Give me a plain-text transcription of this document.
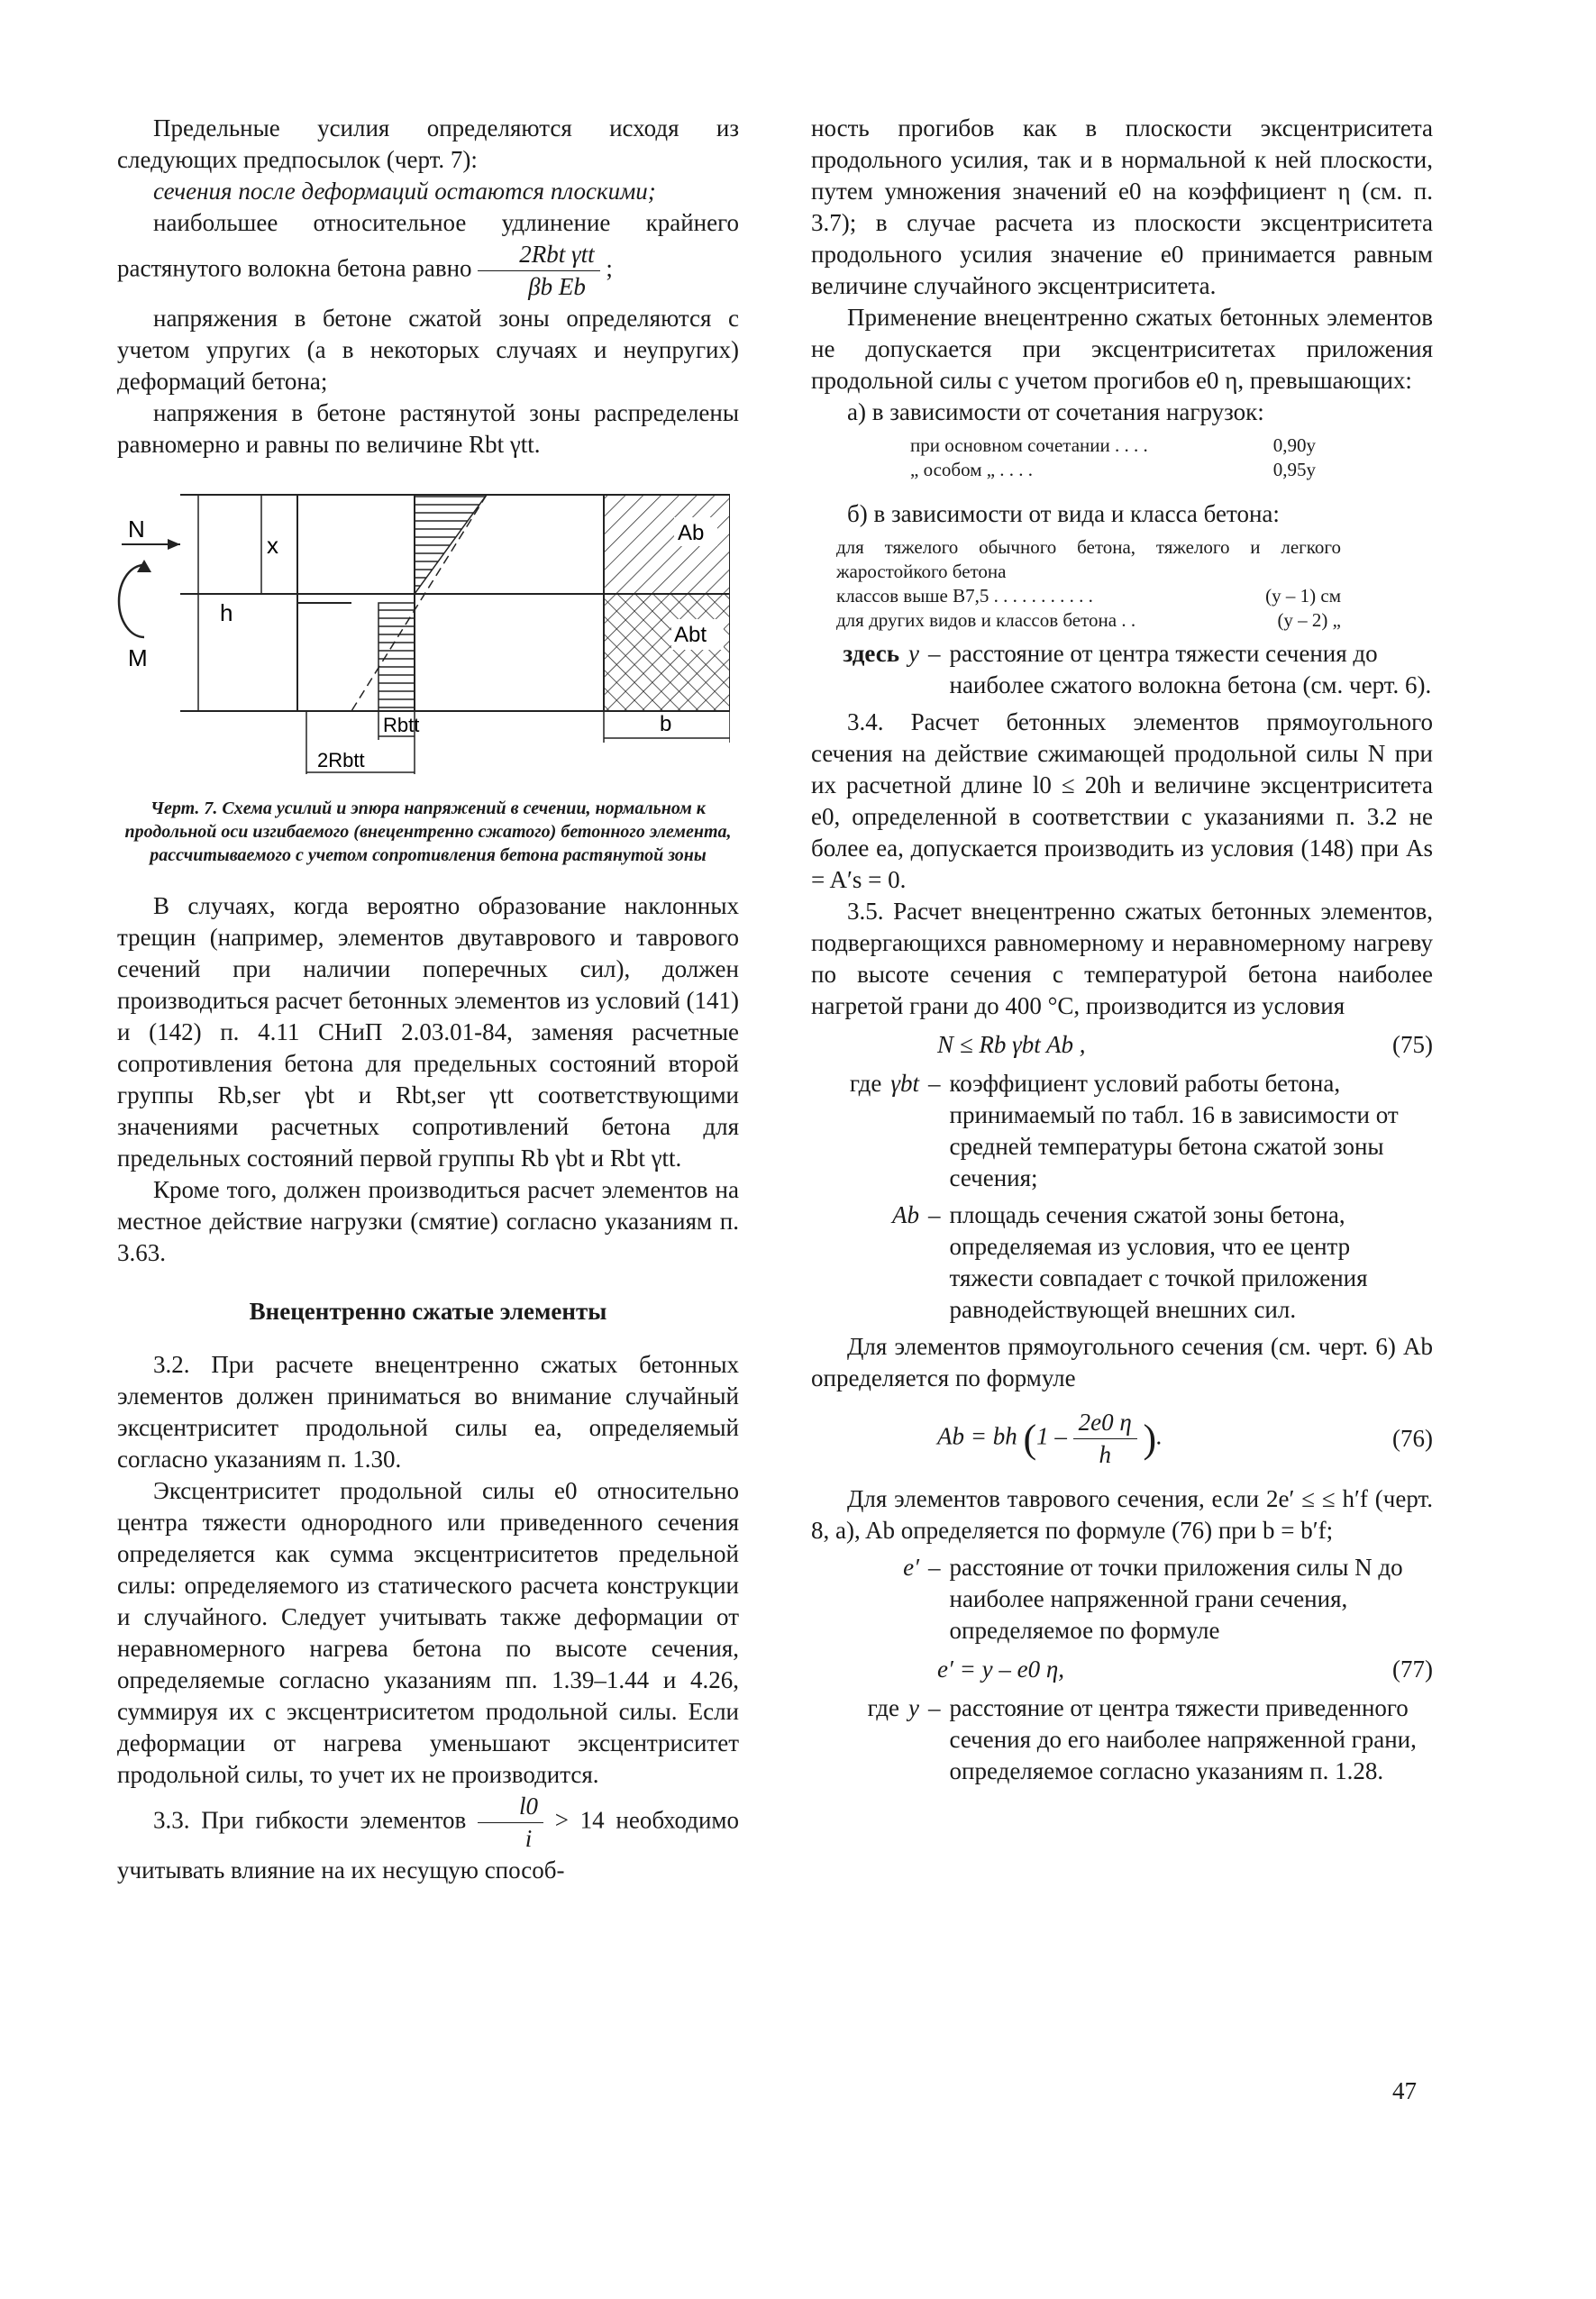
Предельные усилия определяются исходя из следующих предпосылок (черт. 7):

сечения после деформаций остаются плоскими;

наибольшее относительное удлинение крайнего растянутого волокна бетона равно $\frac{\text{2Rbt γtt}}{\text{βb Eb}}$ ;

напряжения в бетоне сжатой зоны определяются с учетом упругих (а в некоторых случаях и неупругих) деформаций бетона;

напряжения в бетоне растянутой зоны распределены равномерно и равны по величине Rbt γtt.

Ab
Abt
N
M
x
h
Rbtt
2Rbtt
b

Черт. 7. Схема усилий и эпюра напряжений в сечении, нормальном к продольной оси изгибаемого (внецентренно сжатого) бетонного элемента, рассчитываемого с учетом сопротивления бетона растянутой зоны

В случаях, когда вероятно образование наклонных трещин (например, элементов двутаврового и таврового сечений при наличии поперечных сил), должен производиться расчет бетонных элементов из условий (141) и (142) п. 4.11 СНиП 2.03.01-84, заменяя расчетные сопротивления бетона для предельных состояний второй группы Rb,ser γbt и Rbt,ser γtt соответствующими значениями расчетных сопротивлений бетона для предельных состояний первой группы Rb γbt и Rbt γtt.

Кроме того, должен производиться расчет элементов на местное действие нагрузки (смятие) согласно указаниям п. 3.63.

Внецентренно сжатые элементы

3.2. При расчете внецентренно сжатых бетонных элементов должен приниматься во внимание случайный эксцентриситет продольной силы ea, определяемый согласно указаниям п. 1.30.

Эксцентриситет продольной силы e0 относительно центра тяжести однородного или приведенного сечения определяется как сумма эксцентриситетов предельной силы: определяемого из статического расчета конструкции и случайного. Следует учитывать также деформации от неравномерного нагрева бетона по высоте сечения, определяемые согласно указаниям пп. 1.39–1.44 и 4.26, суммируя их с эксцентриситетом продольной силы. Если деформации от нагрева уменьшают эксцентриситет продольной силы, то учет их не производится.

3.3. При гибкости элементов $\frac{l0}{i} > 14$ необходимо учитывать влияние на их несущую способ-

ность прогибов как в плоскости эксцентриситета продольного усилия, так и в нормальной к ней плоскости, путем умножения значений e0 на коэффициент η (см. п. 3.7); в случае расчета из плоскости эксцентриситета продольного усилия значение e0 принимается равным величине случайного эксцентриситета.

Применение внецентренно сжатых бетонных элементов не допускается при эксцентриситетах приложения продольной силы с учетом прогибов e0 η, превышающих:

а) в зависимости от сочетания нагрузок:

при основном сочетании . . . .	0,90y
„ особом „ . . . .	0,95y

б) в зависимости от вида и класса бетона:

для тяжелого обычного бетона, тяжелого и легкого жаростойкого бетона
классов выше В7,5 . . . . . . . . . . .	(y – 1) см
для других видов и классов бетона . .	(y – 2) „
здесь y – расстояние от центра тяжести сечения до наиболее сжатого волокна бетона (см. черт. 6).

3.4. Расчет бетонных элементов прямоугольного сечения на действие сжимающей продольной силы N при их расчетной длине l0 ≤ 20h и величине эксцентриситета e0, определенной в соответствии с указаниями п. 3.2 не более ea, допускается производить из условия (148) при As = A′s = 0.

3.5. Расчет внецентренно сжатых бетонных элементов, подвергающихся равномерному и неравномерному нагреву по высоте сечения с температурой бетона наиболее нагретой грани до 400 °С, производится из условия

N ≤ Rb γbt Ab ,	(75)
где γbt – коэффициент условий работы бетона, принимаемый по табл. 16 в зависимости от средней температуры бетона сжатой зоны сечения;
Ab – площадь сечения сжатой зоны бетона, определяемая из условия, что ее центр тяжести совпадает с точкой приложения равнодействующей внешних сил.

Для элементов прямоугольного сечения (см. черт. 6) Ab определяется по формуле

Ab = bh ($1 - \frac{2e0 \eta}{h}$ ).	(76)

Для элементов таврового сечения, если 2e′ ≤ ≤ h′f (черт. 8, а), Ab определяется по формуле (76) при b = b′f;

e′ – расстояние от точки приложения силы N до наиболее напряженной грани сечения, определяемое по формуле
e′ = y – e0 η,	(77)
где y – расстояние от центра тяжести приведенного сечения до его наиболее напряженной грани, определяемое согласно указаниям п. 1.28.
47
